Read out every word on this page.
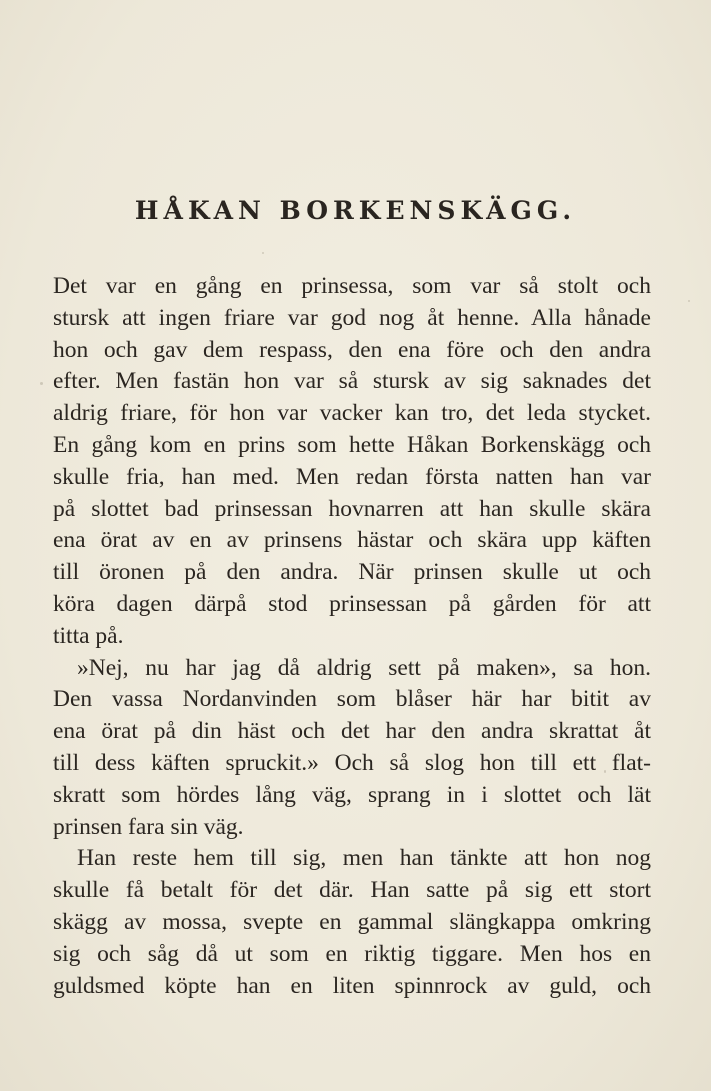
HÅKAN BORKENSKÄGG.
Det var en gång en prinsessa, som var så stolt och
stursk att ingen friare var god nog åt henne. Alla hånade
hon och gav dem respass, den ena före och den andra
efter. Men fastän hon var så stursk av sig saknades det
aldrig friare, för hon var vacker kan tro, det leda stycket.
En gång kom en prins som hette Håkan Borkenskägg och
skulle fria, han med. Men redan första natten han var
på slottet bad prinsessan hovnarren att han skulle skära
ena örat av en av prinsens hästar och skära upp käften
till öronen på den andra. När prinsen skulle ut och
köra dagen därpå stod prinsessan på gården för att
titta på.
»Nej, nu har jag då aldrig sett på maken», sa hon.
Den vassa Nordanvinden som blåser här har bitit av
ena örat på din häst och det har den andra skrattat åt
till dess käften spruckit.» Och så slog hon till ett flat-
skratt som hördes lång väg, sprang in i slottet och lät
prinsen fara sin väg.
Han reste hem till sig, men han tänkte att hon nog
skulle få betalt för det där. Han satte på sig ett stort
skägg av mossa, svepte en gammal slängkappa omkring
sig och såg då ut som en riktig tiggare. Men hos en
guldsmed köpte han en liten spinnrock av guld, och
